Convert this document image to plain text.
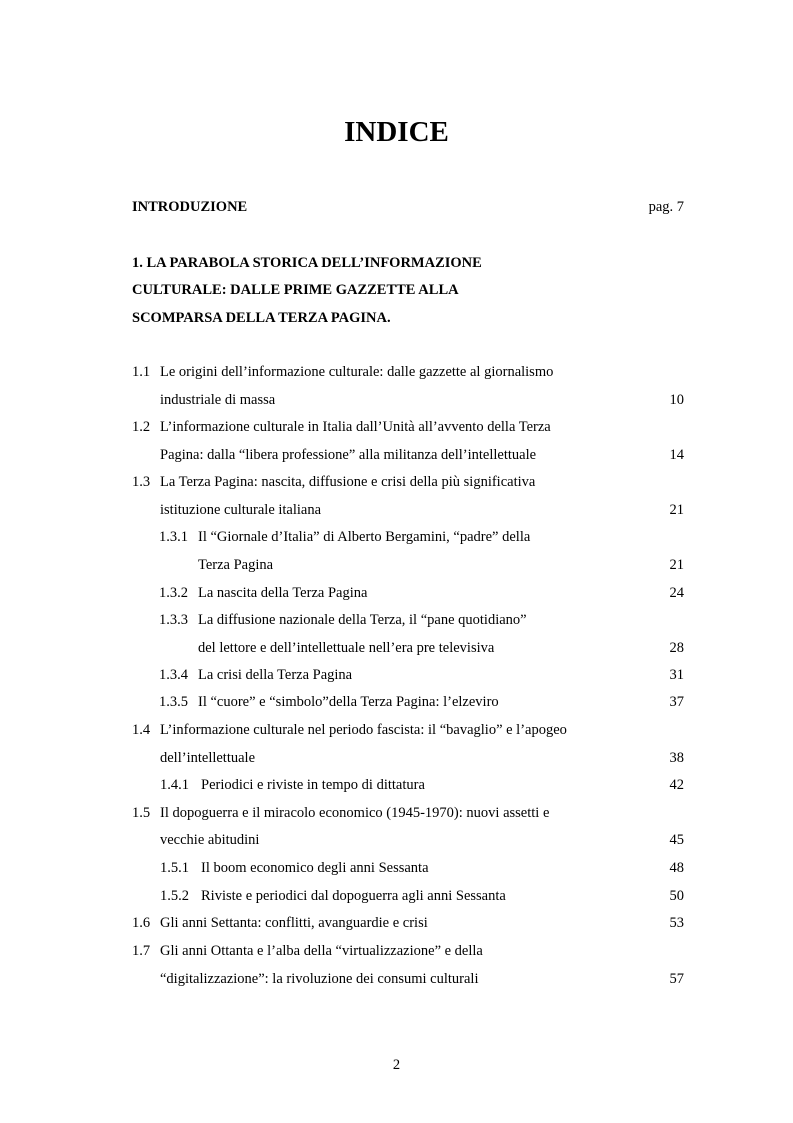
INDICE
INTRODUZIONE	pag. 7
1. LA PARABOLA STORICA DELL’INFORMAZIONE
CULTURALE: DALLE PRIME GAZZETTE ALLA
SCOMPARSA DELLA TERZA PAGINA.
1.1 Le origini dell’informazione culturale: dalle gazzette al giornalismo
industriale di massa	10
1.2 L’informazione culturale in Italia dall’Unità all’avvento della Terza
Pagina: dalla “libera professione” alla militanza dell’intellettuale	14
1.3 La Terza Pagina: nascita, diffusione e crisi della più significativa
istituzione culturale italiana	21
1.3.1 Il “Giornale d’Italia” di Alberto Bergamini, “padre” della
Terza Pagina	21
1.3.2 La nascita della Terza Pagina	24
1.3.3 La diffusione nazionale della Terza, il “pane quotidiano”
del lettore e dell’intellettuale nell’era pre televisiva	28
1.3.4 La crisi della Terza Pagina	31
1.3.5 Il “cuore” e “simbolo”della Terza Pagina: l’elzeviro	37
1.4 L’informazione culturale nel periodo fascista: il “bavaglio” e l’apogeo
dell’intellettuale	38
1.4.1 Periodici e riviste in tempo di dittatura	42
1.5 Il dopoguerra e il miracolo economico (1945-1970): nuovi assetti e
vecchie abitudini	45
1.5.1 Il boom economico degli anni Sessanta	48
1.5.2 Riviste e periodici dal dopoguerra agli anni Sessanta	50
1.6 Gli anni Settanta: conflitti, avanguardie e crisi	53
1.7 Gli anni Ottanta e l’alba della “virtualizzazione” e della
“digitalizzazione”: la rivoluzione dei consumi culturali	57
2
